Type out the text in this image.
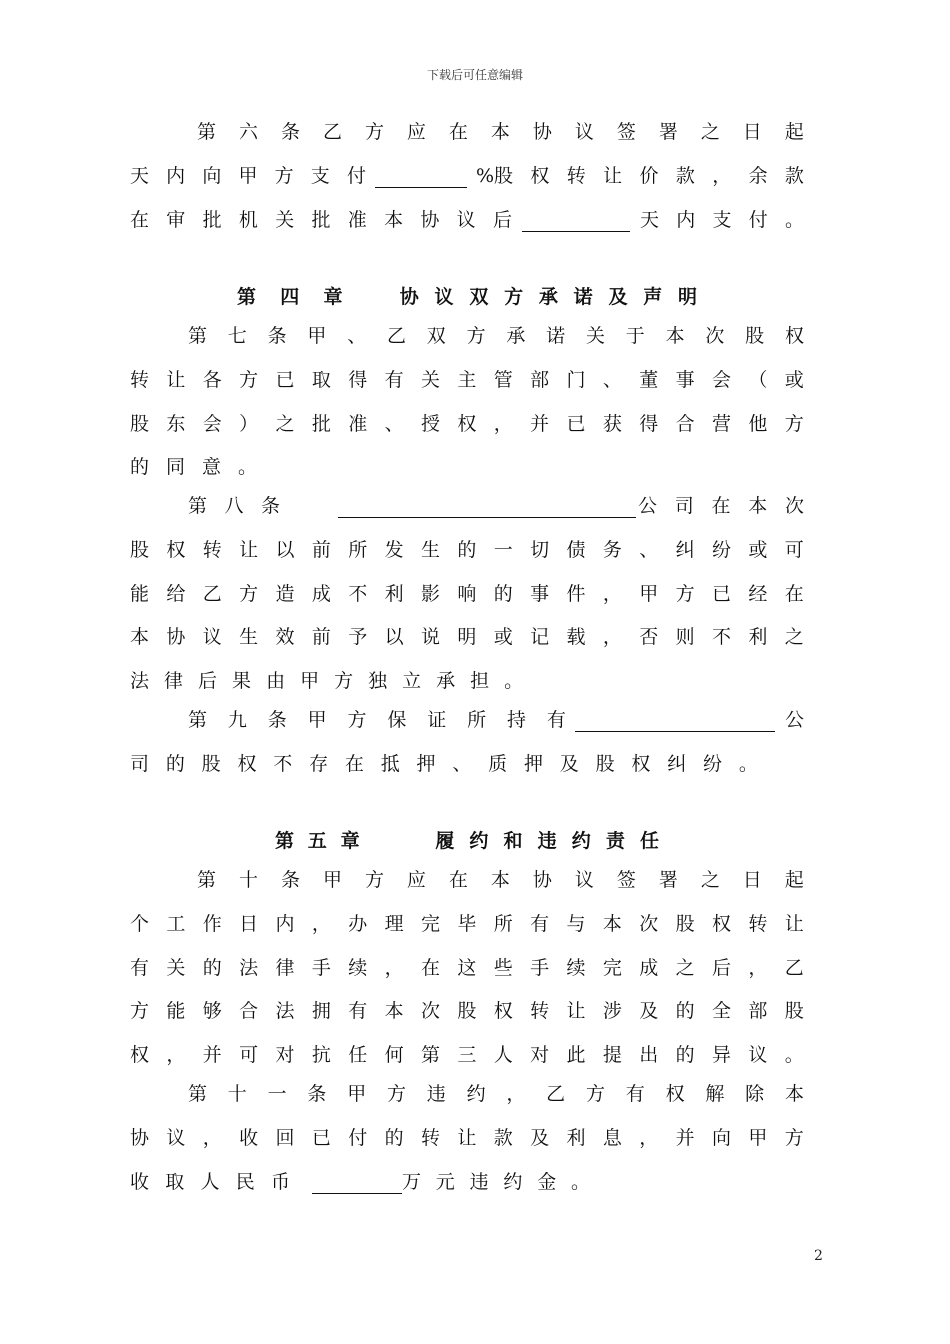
下载后可任意编辑
第 六 条 乙 方 应 在 本 协 议 签 署 之 日 起
天 内 向 甲 方 支 付	%股 权 转 让 价 款 ， 余 款
在 审 批 机 关 批 准 本 协 议 后	天 内 支 付 。
第 四 章	协 议 双 方 承 诺 及 声 明
第 七 条 甲 、 乙 双 方 承 诺 关 于 本 次 股 权
转 让 各 方 已 取 得 有 关 主 管 部 门 、 董 事 会 （ 或
股 东 会 ） 之 批 准 、 授 权 ， 并 已 获 得 合 营 他 方
的 同 意 。
第 八 条	公 司 在 本 次
股 权 转 让 以 前 所 发 生 的 一 切 债 务 、 纠 纷 或 可
能 给 乙 方 造 成 不 利 影 响 的 事 件 ， 甲 方 已 经 在
本 协 议 生 效 前 予 以 说 明 或 记 载 ， 否 则 不 利 之
法 律 后 果 由 甲 方 独 立 承 担 。
第 九 条 甲 方 保 证 所 持 有	公
司 的 股 权 不 存 在 抵 押 、 质 押 及 股 权 纠 纷 。
第 五 章	履 约 和 违 约 责 任
第 十 条 甲 方 应 在 本 协 议 签 署 之 日 起
个 工 作 日 内 ， 办 理 完 毕 所 有 与 本 次 股 权 转 让
有 关 的 法 律 手 续 ， 在 这 些 手 续 完 成 之 后 ， 乙
方 能 够 合 法 拥 有 本 次 股 权 转 让 涉 及 的 全 部 股
权 ， 并 可 对 抗 任 何 第 三 人 对 此 提 出 的 异 议 。
第 十 一 条 甲 方 违 约 ， 乙 方 有 权 解 除 本
协 议 ， 收 回 已 付 的 转 让 款 及 利 息 ， 并 向 甲 方
收 取 人 民 币	万 元 违 约 金 。
2
